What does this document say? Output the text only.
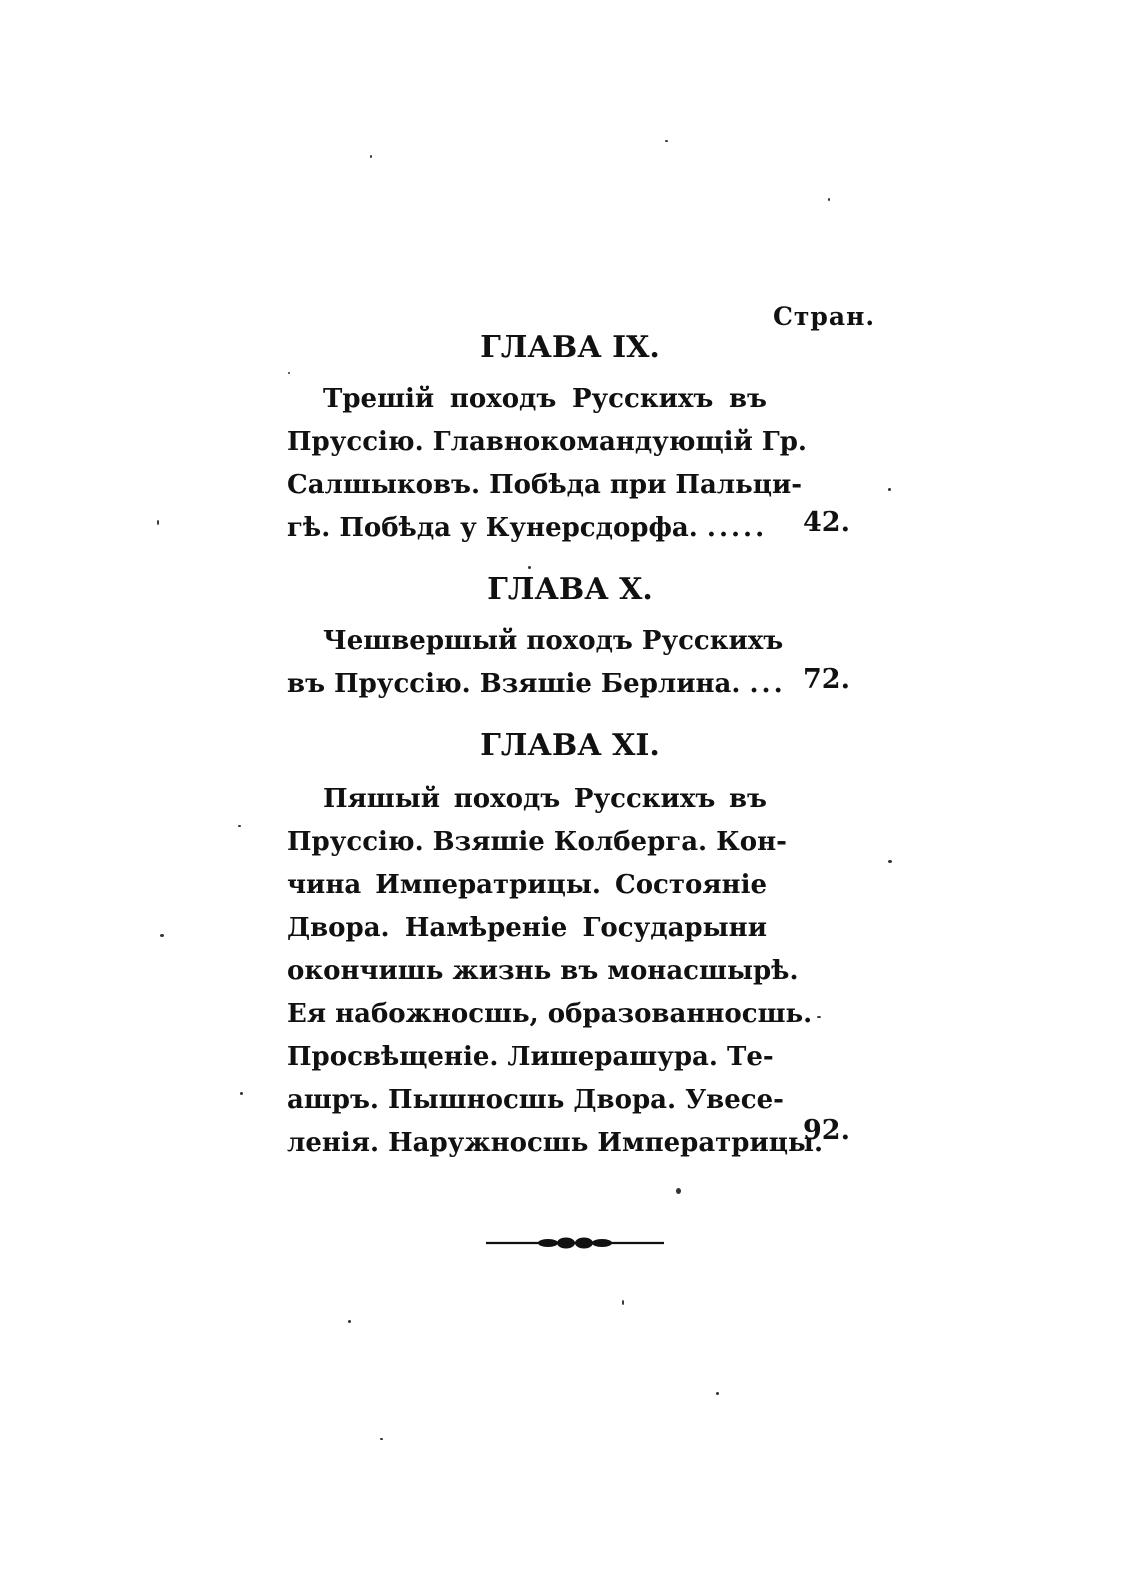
Стран.
ГЛАВА IX.
Трешій походъ Русскихъ въ
Пруссію. Главнокомандующій Гр.
Салшыковъ. Побѣда при Пальци-
гѣ. Побѣда у Кунерсдорфа. .....	42.
ГЛАВА X.
Чешвершый походъ Русскихъ
въ Пруссію. Взяшіе Берлина. ... 72.
ГЛАВА XI.
Пяшый походъ Русскихъ въ
Пруссію. Взяшіе Колберга. Кон-
чина Императрицы. Состояніе
Двора. Намѣреніе Государыни
окончишь жизнь въ монасшырѣ.
Ея набожносшь, образованносшь.
Просвѣщеніе. Лишерашура. Те-
ашръ. Пышносшь Двора. Увесе-
ленія. Наружносшь Императрицы.
92.
